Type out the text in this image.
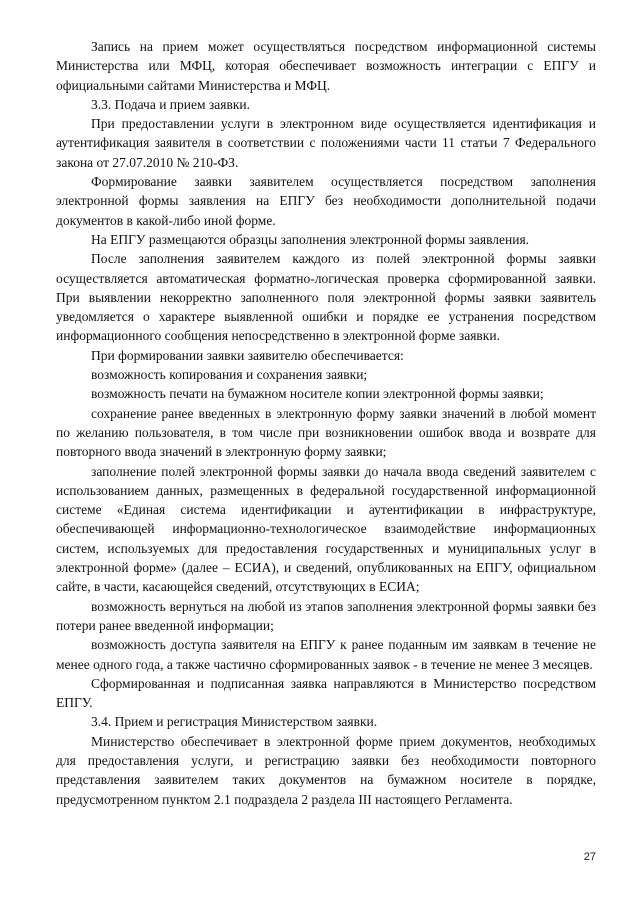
Запись на прием может осуществляться посредством информационной системы Министерства или МФЦ, которая обеспечивает возможность интеграции с ЕПГУ и официальными сайтами Министерства и МФЦ.

3.3. Подача и прием заявки.

При предоставлении услуги в электронном виде осуществляется идентификация и аутентификация заявителя в соответствии с положениями части 11 статьи 7 Федерального закона от 27.07.2010 № 210-ФЗ.

Формирование заявки заявителем осуществляется посредством заполнения электронной формы заявления на ЕПГУ без необходимости дополнительной подачи документов в какой-либо иной форме.

На ЕПГУ размещаются образцы заполнения электронной формы заявления.

После заполнения заявителем каждого из полей электронной формы заявки осуществляется автоматическая форматно-логическая проверка сформированной заявки. При выявлении некорректно заполненного поля электронной формы заявки заявитель уведомляется о характере выявленной ошибки и порядке ее устранения посредством информационного сообщения непосредственно в электронной форме заявки.

При формировании заявки заявителю обеспечивается:

возможность копирования и сохранения заявки;

возможность печати на бумажном носителе копии электронной формы заявки;

сохранение ранее введенных в электронную форму заявки значений в любой момент по желанию пользователя, в том числе при возникновении ошибок ввода и возврате для повторного ввода значений в электронную форму заявки;

заполнение полей электронной формы заявки до начала ввода сведений заявителем с использованием данных, размещенных в федеральной государственной информационной системе «Единая система идентификации и аутентификации в инфраструктуре, обеспечивающей информационно-технологическое взаимодействие информационных систем, используемых для предоставления государственных и муниципальных услуг в электронной форме» (далее – ЕСИА), и сведений, опубликованных на ЕПГУ, официальном сайте, в части, касающейся сведений, отсутствующих в ЕСИА;

возможность вернуться на любой из этапов заполнения электронной формы заявки без потери ранее введенной информации;

возможность доступа заявителя на ЕПГУ к ранее поданным им заявкам в течение не менее одного года, а также частично сформированных заявок - в течение не менее 3 месяцев.

Сформированная и подписанная заявка направляются в Министерство посредством ЕПГУ.

3.4. Прием и регистрация Министерством заявки.

Министерство обеспечивает в электронной форме прием документов, необходимых для предоставления услуги, и регистрацию заявки без необходимости повторного представления заявителем таких документов на бумажном носителе в порядке, предусмотренном пунктом 2.1 подраздела 2 раздела III настоящего Регламента.

27
